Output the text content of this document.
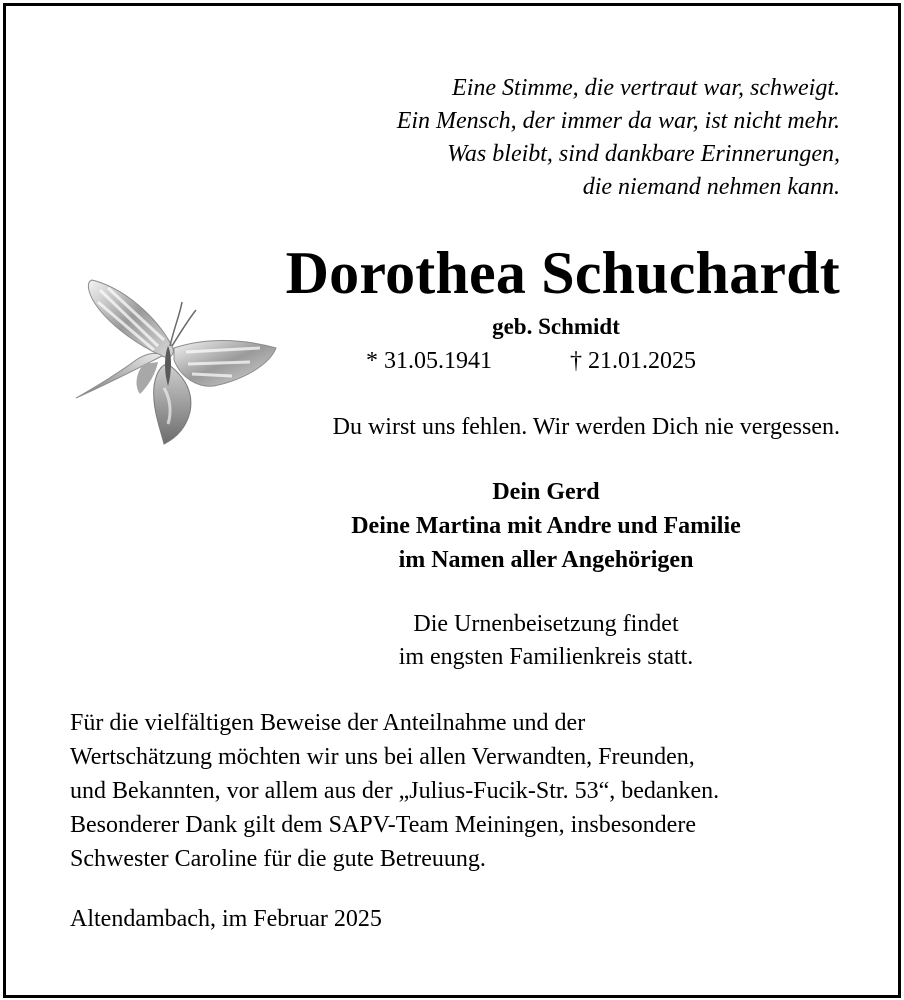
Eine Stimme, die vertraut war, schweigt.
Ein Mensch, der immer da war, ist nicht mehr.
Was bleibt, sind dankbare Erinnerungen,
die niemand nehmen kann.
Dorothea Schuchardt
geb. Schmidt
* 31.05.1941	† 21.01.2025
Du wirst uns fehlen. Wir werden Dich nie vergessen.
Dein Gerd
Deine Martina mit Andre und Familie
im Namen aller Angehörigen
Die Urnenbeisetzung findet
im engsten Familienkreis statt.
Für die vielfältigen Beweise der Anteilnahme und der
Wertschätzung möchten wir uns bei allen Verwandten, Freunden,
und Bekannten, vor allem aus der „Julius-Fucik-Str. 53“, bedanken.
Besonderer Dank gilt dem SAPV-Team Meiningen, insbesondere
Schwester Caroline für die gute Betreuung.
Altendambach, im Februar 2025
